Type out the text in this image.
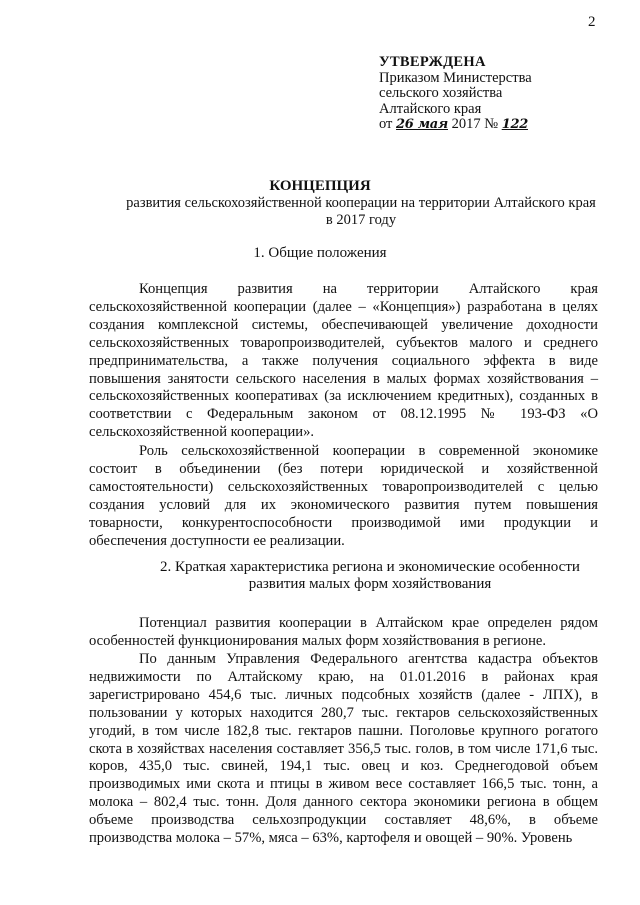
2
УТВЕРЖДЕНА
Приказом Министерства
сельского хозяйства
Алтайского края
от 26 мая 2017 № 122
КОНЦЕПЦИЯ
развития сельскохозяйственной кооперации на территории Алтайского края в 2017 году
1. Общие положения

Концепция развития на территории Алтайского края сельскохозяйственной кооперации (далее – «Концепция») разработана в целях создания комплексной системы, обеспечивающей увеличение доходности сельскохозяйственных товаропроизводителей, субъектов малого и среднего предпринимательства, а также получения социального эффекта в виде повышения занятости сельского населения в малых формах хозяйствования – сельскохозяйственных кооперативах (за исключением кредитных), созданных в соответствии с Федеральным законом от 08.12.1995 № 193-ФЗ «О сельскохозяйственной кооперации».

Роль сельскохозяйственной кооперации в современной экономике состоит в объединении (без потери юридической и хозяйственной самостоятельности) сельскохозяйственных товаропроизводителей с целью создания условий для их экономического развития путем повышения товарности, конкурентоспособности производимой ими продукции и обеспечения доступности ее реализации.

2. Краткая характеристика региона и экономические особенности развития малых форм хозяйствования

Потенциал развития кооперации в Алтайском крае определен рядом особенностей функционирования малых форм хозяйствования в регионе.

По данным Управления Федерального агентства кадастра объектов недвижимости по Алтайскому краю, на 01.01.2016 в районах края зарегистрировано 454,6 тыс. личных подсобных хозяйств (далее - ЛПХ), в пользовании у которых находится 280,7 тыс. гектаров сельскохозяйственных угодий, в том числе 182,8 тыс. гектаров пашни. Поголовье крупного рогатого скота в хозяйствах населения составляет 356,5 тыс. голов, в том числе 171,6 тыс. коров, 435,0 тыс. свиней, 194,1 тыс. овец и коз. Среднегодовой объем производимых ими скота и птицы в живом весе составляет 166,5 тыс. тонн, а молока – 802,4 тыс. тонн. Доля данного сектора экономики региона в общем объеме производства сельхозпродукции составляет 48,6%, в объеме производства молока – 57%, мяса – 63%, картофеля и овощей – 90%. Уровень
